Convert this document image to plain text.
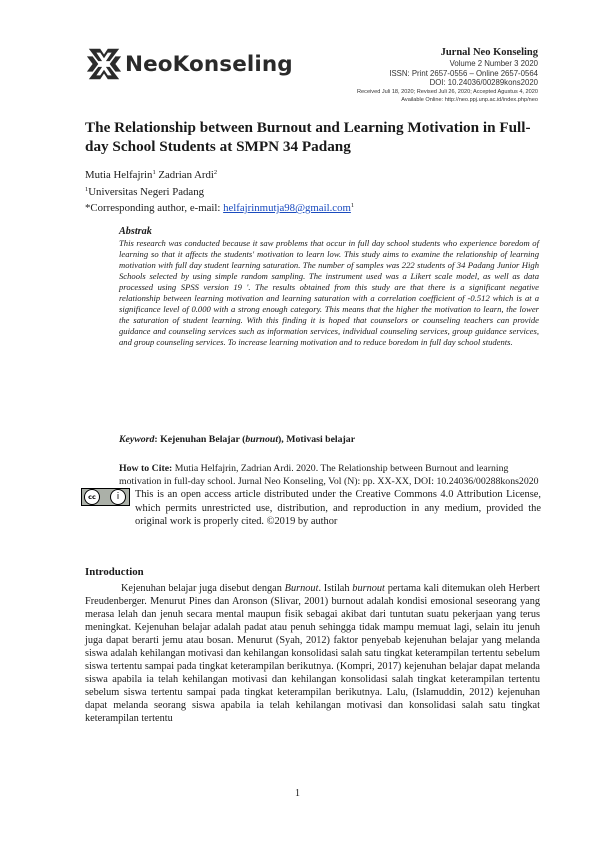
NeoKonseling	Jurnal Neo Konseling
Volume 2 Number 3 2020
ISSN: Print 2657-0556 – Online 2657-0564
DOI: 10.24036/00289kons2020
Received Juli 18, 2020; Revised Juli 26, 2020; Accepted Agustus 4, 2020
Available Online: http://neo.ppj.unp.ac.id/index.php/neo
The Relationship between Burnout and Learning Motivation in Full-day School Students at SMPN 34 Padang
Mutia Helfajrin$^1$ Zadrian Ardi$^2$
$^1$Universitas Negeri Padang
*Corresponding author, e-mail: helfajrinmutja98@gmail.com$^1$
Abstrak
This research was conducted because it saw problems that occur in full day school students who experience boredom of learning so that it affects the students' motivation to learn low. This study aims to examine the relationship of learning motivation with full day student learning saturation. The number of samples was 222 students of 34 Padang Junior High Schools selected by using simple random sampling. The instrument used was a Likert scale model, as well as data processed using SPSS version 19 '. The results obtained from this study are that there is a significant negative relationship between learning motivation and learning saturation with a correlation coefficient of -0.512 which is at a significance level of 0.000 with a strong enough category. This means that the higher the motivation to learn, the lower the saturation of student learning. With this finding it is hoped that counselors or counseling teachers can provide guidance and counseling services such as information services, individual counseling services, group guidance services, and group counseling services. To increase learning motivation and to reduce boredom in full day school students.
Keyword: Kejenuhan Belajar (burnout), Motivasi belajar
How to Cite: Mutia Helfajrin, Zadrian Ardi. 2020. The Relationship between Burnout and learning motivation in full-day school. Jurnal Neo Konseling, Vol (N): pp. XX-XX, DOI: 10.24036/00288kons2020
cc	i	This is an open access article distributed under the Creative Commons 4.0 Attribution License, which permits unrestricted use, distribution, and reproduction in any medium, provided the original work is properly cited. ©2019 by author
Introduction
Kejenuhan belajar juga disebut dengan Burnout. Istilah burnout pertama kali ditemukan oleh Herbert Freudenberger. Menurut Pines dan Aronson (Slivar, 2001) burnout adalah kondisi emosional seseorang yang merasa lelah dan jenuh secara mental maupun fisik sebagai akibat dari tuntutan suatu pekerjaan yang terus meningkat. Kejenuhan belajar adalah padat atau penuh sehingga tidak mampu memuat lagi, selain itu jenuh juga dapat berarti jemu atau bosan. Menurut (Syah, 2012) faktor penyebab kejenuhan belajar yang melanda siswa adalah kehilangan motivasi dan kehilangan konsolidasi salah satu tingkat keterampilan tertentu sebelum siswa tertentu sampai pada tingkat keterampilan berikutnya. (Kompri, 2017) kejenuhan belajar dapat melanda siswa apabila ia telah kehilangan motivasi dan kehilangan konsolidasi salah tingkat keterampilan tertentu sebelum siswa tertentu sampai pada tingkat keterampilan berikutnya. Lalu, (Islamuddin, 2012) kejenuhan dapat melanda seorang siswa apabila ia telah kehilangan motivasi dan konsolidasi salah satu tingkat keterampilan tertentu
1
